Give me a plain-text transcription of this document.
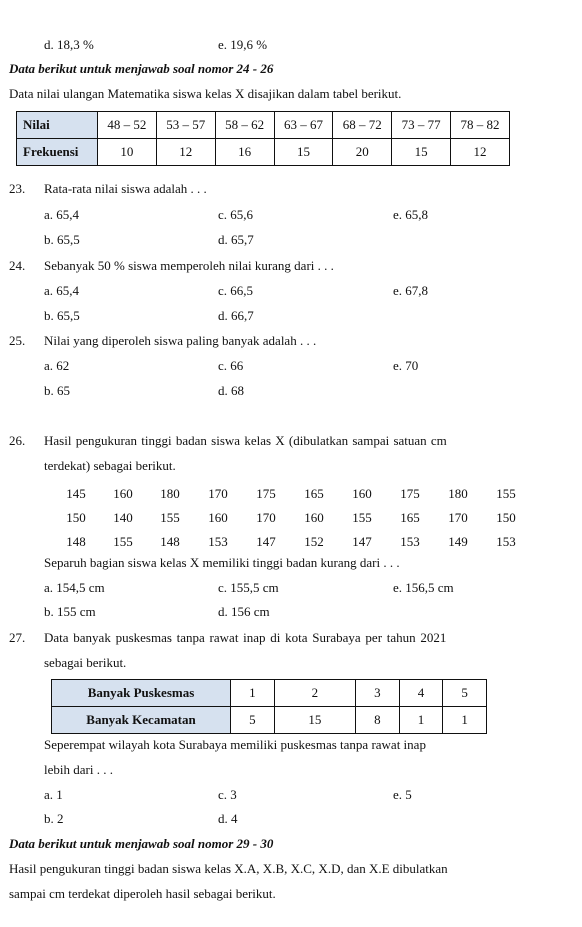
d. 18,3 %	e. 19,6 %
Data berikut untuk menjawab soal nomor 24 - 26
Data nilai ulangan Matematika siswa kelas X disajikan dalam tabel berikut.
Nilai	48 – 52	53 – 57	58 – 62	63 – 67	68 – 72	73 – 77	78 – 82
Frekuensi	10	12	16	15	20	15	12
23. Rata-rata nilai siswa adalah . . .
a. 65,4	c. 65,6	e. 65,8
b. 65,5	d. 65,7
24. Sebanyak 50 % siswa memperoleh nilai kurang dari . . .
a. 65,4	c. 66,5	e. 67,8
b. 65,5	d. 66,7
25. Nilai yang diperoleh siswa paling banyak adalah . . .
a. 62	c. 66	e. 70
b. 65	d. 68
26. Hasil pengukuran tinggi badan siswa kelas X (dibulatkan sampai satuan cm
terdekat) sebagai berikut.
145	160	180	170	175	165	160	175	180	155
150	140	155	160	170	160	155	165	170	150
148	155	148	153	147	152	147	153	149	153
Separuh bagian siswa kelas X memiliki tinggi badan kurang dari . . .
a. 154,5 cm	c. 155,5 cm	e. 156,5 cm
b. 155 cm	d. 156 cm
27. Data banyak puskesmas tanpa rawat inap di kota Surabaya per tahun 2021
sebagai berikut.
Banyak Puskesmas	1	2	3	4	5
Banyak Kecamatan	5	15	8	1	1
Seperempat wilayah kota Surabaya memiliki puskesmas tanpa rawat inap
lebih dari . . .
a. 1	c. 3	e. 5
b. 2	d. 4
Data berikut untuk menjawab soal nomor 29 - 30
Hasil pengukuran tinggi badan siswa kelas X.A, X.B, X.C, X.D, dan X.E dibulatkan
sampai cm terdekat diperoleh hasil sebagai berikut.
